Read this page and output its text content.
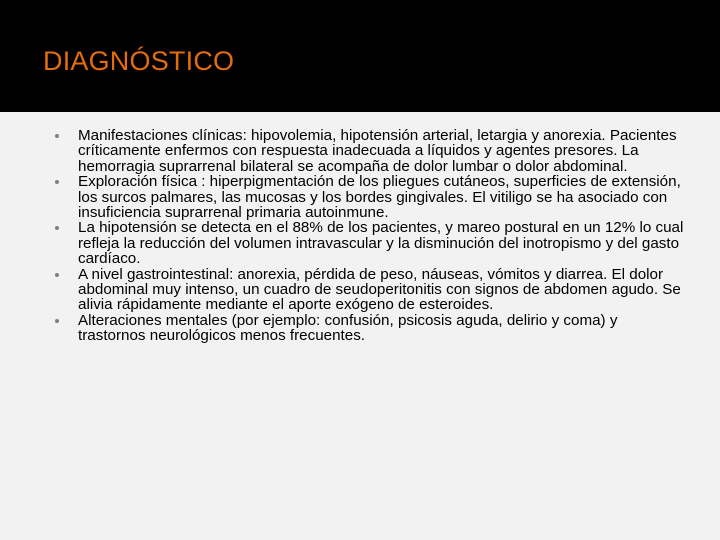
DIAGNÓSTICO
Manifestaciones clínicas: hipovolemia, hipotensión arterial, letargia y anorexia. Pacientes críticamente enfermos con respuesta inadecuada a líquidos y agentes presores. La hemorragia suprarrenal bilateral se acompaña de dolor lumbar o dolor abdominal.
Exploración física : hiperpigmentación de los pliegues cutáneos, superficies de extensión, los surcos palmares, las mucosas y los bordes gingivales. El vitiligo se ha asociado con insuficiencia suprarrenal primaria autoinmune.
La hipotensión se detecta en el 88% de los pacientes, y mareo postural en un 12% lo cual refleja la reducción del volumen intravascular y la disminución del inotropismo y del gasto cardíaco.
A nivel gastrointestinal: anorexia, pérdida de peso, náuseas, vómitos y diarrea. El dolor abdominal muy intenso, un cuadro de seudoperitonitis con signos de abdomen agudo. Se alivia rápidamente mediante el aporte exógeno de esteroides.
Alteraciones mentales (por ejemplo: confusión, psicosis aguda, delirio y coma) y trastornos neurológicos menos frecuentes.
